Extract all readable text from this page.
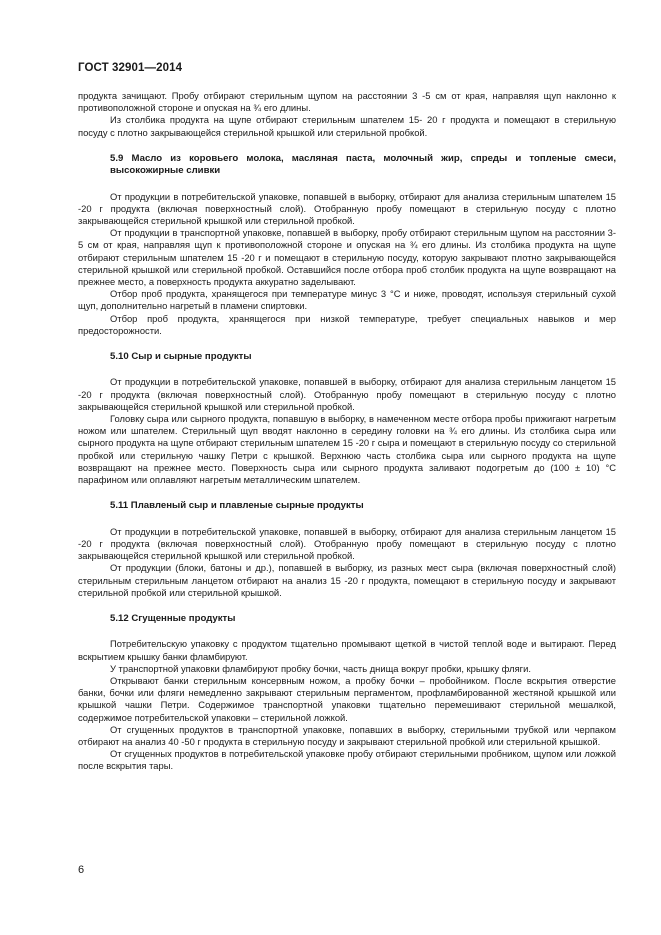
ГОСТ 32901—2014

продукта зачищают. Пробу отбирают стерильным щупом на расстоянии 3 -5 см от края, направляя щуп наклонно к противоположной стороне и опуская на ¾ его длины.

Из столбика продукта на щупе отбирают стерильным шпателем 15- 20 г продукта и помещают в стерильную посуду с плотно закрывающейся стерильной крышкой или стерильной пробкой.

5.9 Масло из коровьего молока, масляная паста, молочный жир, спреды и топленые смеси, высокожирные сливки

От продукции в потребительской упаковке, попавшей в выборку, отбирают для анализа стерильным шпателем 15 -20 г продукта (включая поверхностный слой). Отобранную пробу помещают в стерильную посуду с плотно закрывающейся стерильной крышкой или стерильной пробкой.

От продукции в транспортной упаковке, попавшей в выборку, пробу отбирают стерильным щупом на расстоянии 3- 5 см от края, направляя щуп к противоположной стороне и опуская на ¾ его длины. Из столбика продукта на щупе отбирают стерильным шпателем 15 -20 г и помещают в стерильную посуду, которую закрывают плотно закрывающейся стерильной крышкой или стерильной пробкой. Оставшийся после отбора проб столбик продукта на щупе возвращают на прежнее место, а поверхность продукта аккуратно заделывают.

Отбор проб продукта, хранящегося при температуре минус 3 °С и ниже, проводят, используя стерильный сухой щуп, дополнительно нагретый в пламени спиртовки.

Отбор проб продукта, хранящегося при низкой температуре, требует специальных навыков и мер предосторожности.

5.10 Сыр и сырные продукты

От продукции в потребительской упаковке, попавшей в выборку, отбирают для анализа стерильным ланцетом 15 -20 г продукта (включая поверхностный слой). Отобранную пробу помещают в стерильную посуду с плотно закрывающейся стерильной крышкой или стерильной пробкой.

Головку сыра или сырного продукта, попавшую в выборку, в намеченном месте отбора пробы прижигают нагретым ножом или шпателем. Стерильный щуп вводят наклонно в середину головки на ¾ его длины. Из столбика сыра или сырного продукта на щупе отбирают стерильным шпателем 15 -20 г сыра и помещают в стерильную посуду со стерильной пробкой или стерильную чашку Петри с крышкой. Верхнюю часть столбика сыра или сырного продукта на щупе возвращают на прежнее место. Поверхность сыра или сырного продукта заливают подогретым до (100 ± 10) °С парафином или оплавляют нагретым металлическим шпателем.

5.11 Плавленый сыр и плавленые сырные продукты

От продукции в потребительской упаковке, попавшей в выборку, отбирают для анализа стерильным ланцетом 15 -20 г продукта (включая поверхностный слой). Отобранную пробу помещают в стерильную посуду с плотно закрывающейся стерильной крышкой или стерильной пробкой.

От продукции (блоки, батоны и др.), попавшей в выборку, из разных мест сыра (включая поверхностный слой) стерильным стерильным ланцетом отбирают на анализ 15 -20 г продукта, помещают в стерильную посуду и закрывают стерильной пробкой или стерильной крышкой.

5.12 Сгущенные продукты

Потребительскую упаковку с продуктом тщательно промывают щеткой в чистой теплой воде и вытирают. Перед вскрытием крышку банки фламбируют.

У транспортной упаковки фламбируют пробку бочки, часть днища вокруг пробки, крышку фляги.

Открывают банки стерильным консервным ножом, а пробку бочки – пробойником. После вскрытия отверстие банки, бочки или фляги немедленно закрывают стерильным пергаментом, профламбированной жестяной крышкой или крышкой чашки Петри. Содержимое транспортной упаковки тщательно перемешивают стерильной мешалкой, содержимое потребительской упаковки – стерильной ложкой.

От сгущенных продуктов в транспортной упаковке, попавших в выборку, стерильными трубкой или черпаком отбирают на анализ 40 -50 г продукта в стерильную посуду и закрывают стерильной пробкой или стерильной крышкой.

От сгущенных продуктов в потребительской упаковке пробу отбирают стерильными пробником, щупом или ложкой после вскрытия тары.

6
